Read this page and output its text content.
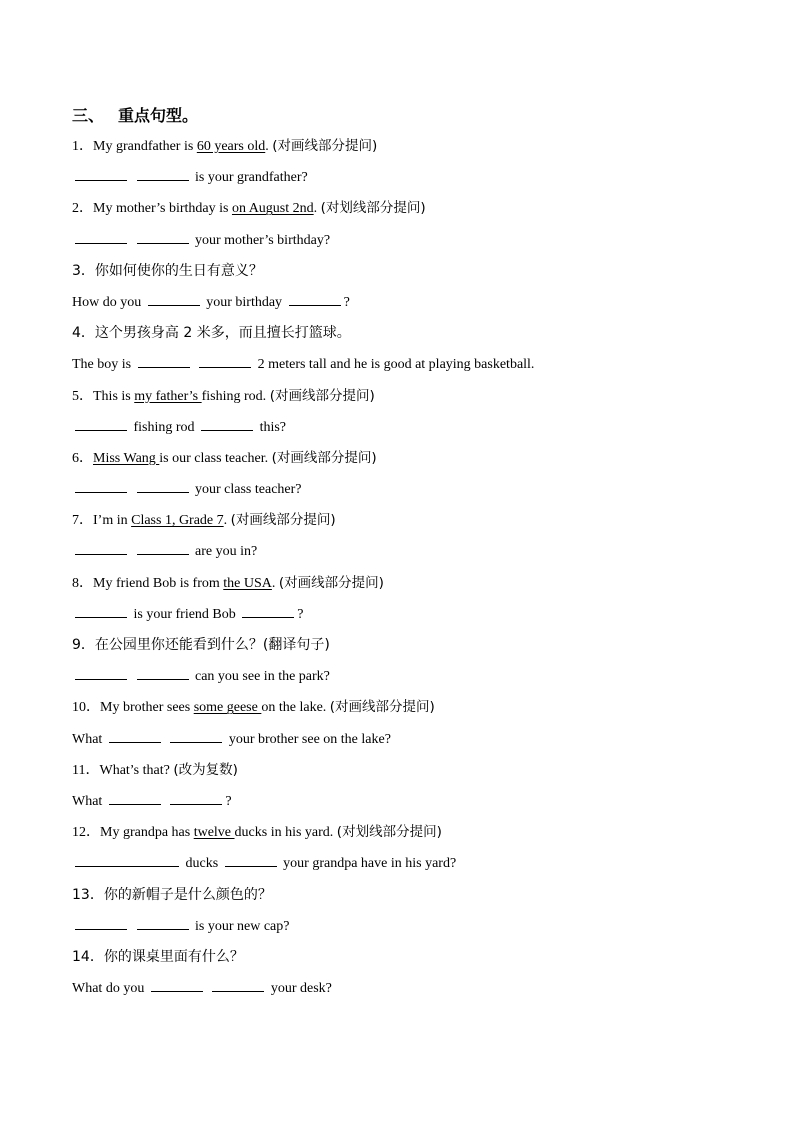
三、 重点句型。
1．My grandfather is 60 years old. (对画线部分提问)
is your grandfather?
2．My mother’s birthday is on August 2nd. (对划线部分提问)
your mother’s birthday?
3．你如何使你的生日有意义？
How do you	your birthday	?
4．这个男孩身高 2 米多，而且擅长打篮球。
The boy is	2 meters tall and he is good at playing basketball.
5．This is my father’s fishing rod. (对画线部分提问)
fishing rod	this?
6．Miss Wang is our class teacher. (对画线部分提问)
your class teacher?
7．I’m in Class 1, Grade 7. (对画线部分提问)
are you in?
8．My friend Bob is from the USA. (对画线部分提问)
is your friend Bob	?
9．在公园里你还能看到什么？(翻译句子)
can you see in the park?
10．My brother sees some geese on the lake. (对画线部分提问)
What	your brother see on the lake?
11．What’s that? (改为复数)
What	?
12．My grandpa has twelve ducks in his yard. (对划线部分提问)
ducks	your grandpa have in his yard?
13．你的新帽子是什么颜色的？
is your new cap?
14．你的课桌里面有什么？
What do you	your desk?
